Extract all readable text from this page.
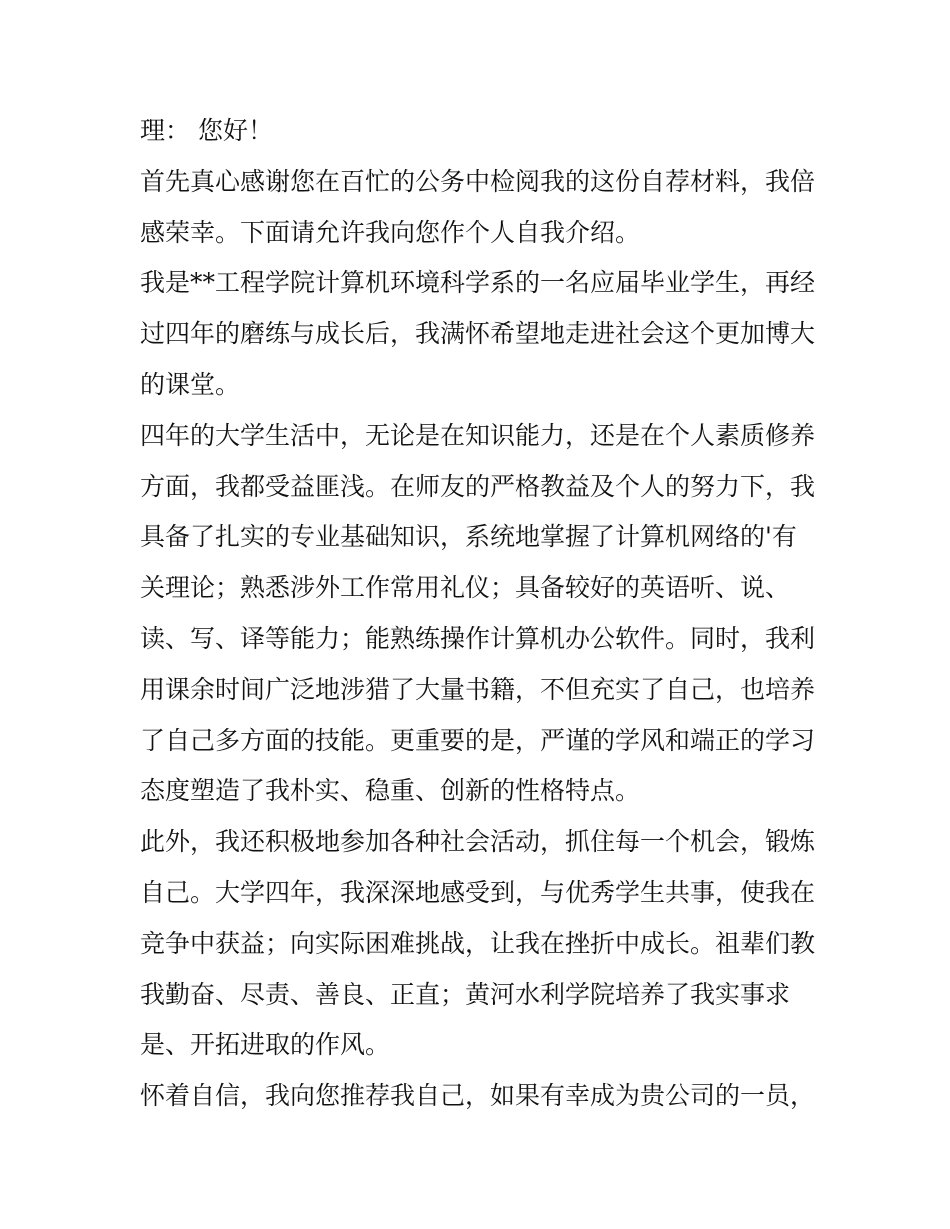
理： 您好！

首先真心感谢您在百忙的公务中检阅我的这份自荐材料，我倍

感荣幸。下面请允许我向您作个人自我介绍。

我是**工程学院计算机环境科学系的一名应届毕业学生，再经

过四年的磨练与成长后，我满怀希望地走进社会这个更加博大

的课堂。

四年的大学生活中，无论是在知识能力，还是在个人素质修养

方面，我都受益匪浅。在师友的严格教益及个人的努力下，我

具备了扎实的专业基础知识，系统地掌握了计算机网络的'有

关理论；熟悉涉外工作常用礼仪；具备较好的英语听、说、

读、写、译等能力；能熟练操作计算机办公软件。同时，我利

用课余时间广泛地涉猎了大量书籍，不但充实了自己，也培养

了自己多方面的技能。更重要的是，严谨的学风和端正的学习

态度塑造了我朴实、稳重、创新的性格特点。

此外，我还积极地参加各种社会活动，抓住每一个机会，锻炼

自己。大学四年，我深深地感受到，与优秀学生共事，使我在

竞争中获益；向实际困难挑战，让我在挫折中成长。祖辈们教

我勤奋、尽责、善良、正直；黄河水利学院培养了我实事求

是、开拓进取的作风。

怀着自信，我向您推荐我自己，如果有幸成为贵公司的一员，
